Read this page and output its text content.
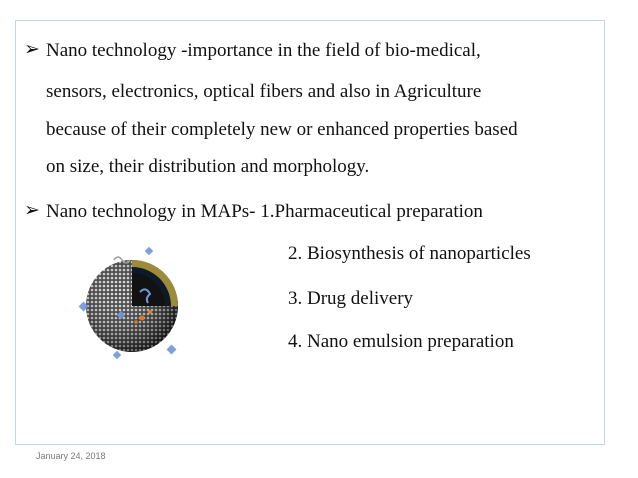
➢ Nano technology -importance in the field of bio-medical,
sensors, electronics, optical fibers and also in Agriculture
because of their completely new or enhanced properties based
on size, their distribution and morphology.
➢ Nano technology in MAPs- 1.Pharmaceutical preparation
2. Biosynthesis of nanoparticles
3. Drug delivery
4. Nano emulsion preparation
January 24, 2018
